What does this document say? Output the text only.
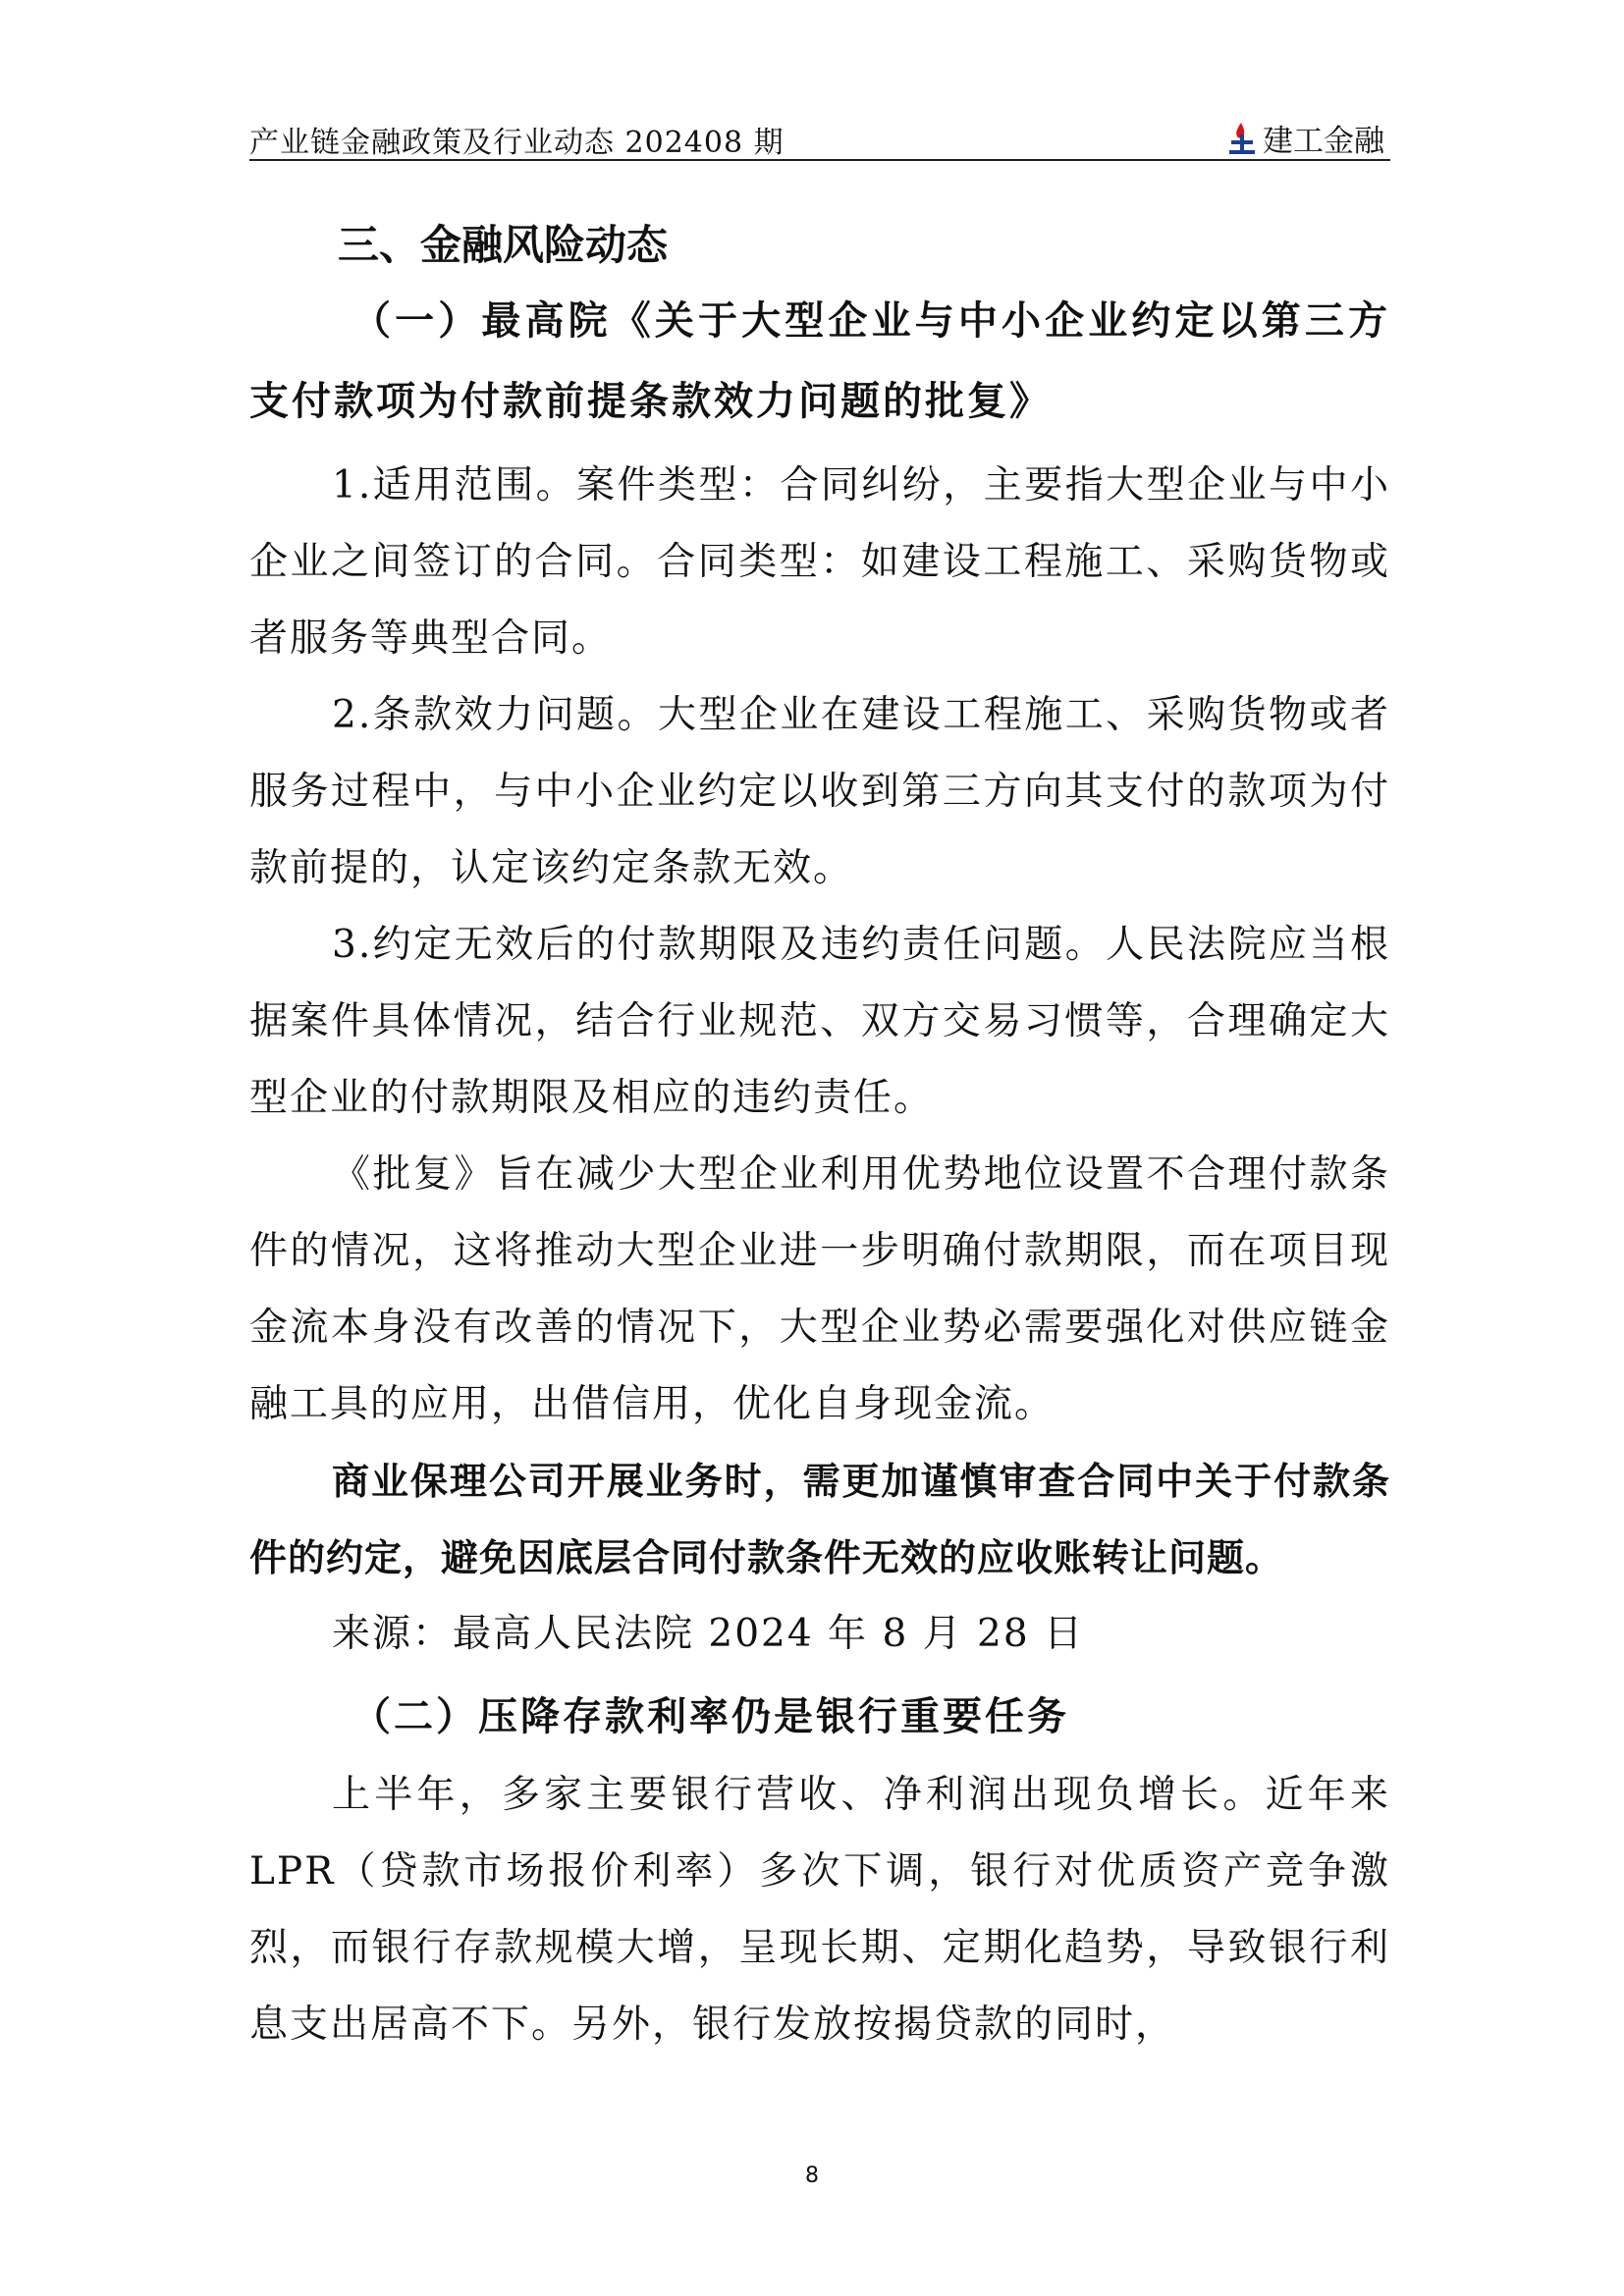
产业链金融政策及行业动态 202408 期	建工金融
三、金融风险动态

（一）最高院《关于大型企业与中小企业约定以第三方支付款项为付款前提条款效力问题的批复》

1.适用范围。案件类型：合同纠纷，主要指大型企业与中小企业之间签订的合同。合同类型：如建设工程施工、采购货物或者服务等典型合同。

2.条款效力问题。大型企业在建设工程施工、采购货物或者服务过程中，与中小企业约定以收到第三方向其支付的款项为付款前提的，认定该约定条款无效。

3.约定无效后的付款期限及违约责任问题。人民法院应当根据案件具体情况，结合行业规范、双方交易习惯等，合理确定大型企业的付款期限及相应的违约责任。

《批复》旨在减少大型企业利用优势地位设置不合理付款条件的情况，这将推动大型企业进一步明确付款期限，而在项目现金流本身没有改善的情况下，大型企业势必需要强化对供应链金融工具的应用，出借信用，优化自身现金流。

商业保理公司开展业务时，需更加谨慎审查合同中关于付款条件的约定，避免因底层合同付款条件无效的应收账转让问题。

来源：最高人民法院 2024 年 8 月 28 日

（二）压降存款利率仍是银行重要任务

上半年，多家主要银行营收、净利润出现负增长。近年来 LPR（贷款市场报价利率）多次下调，银行对优质资产竞争激烈，而银行存款规模大增，呈现长期、定期化趋势，导致银行利息支出居高不下。另外，银行发放按揭贷款的同时，

8
